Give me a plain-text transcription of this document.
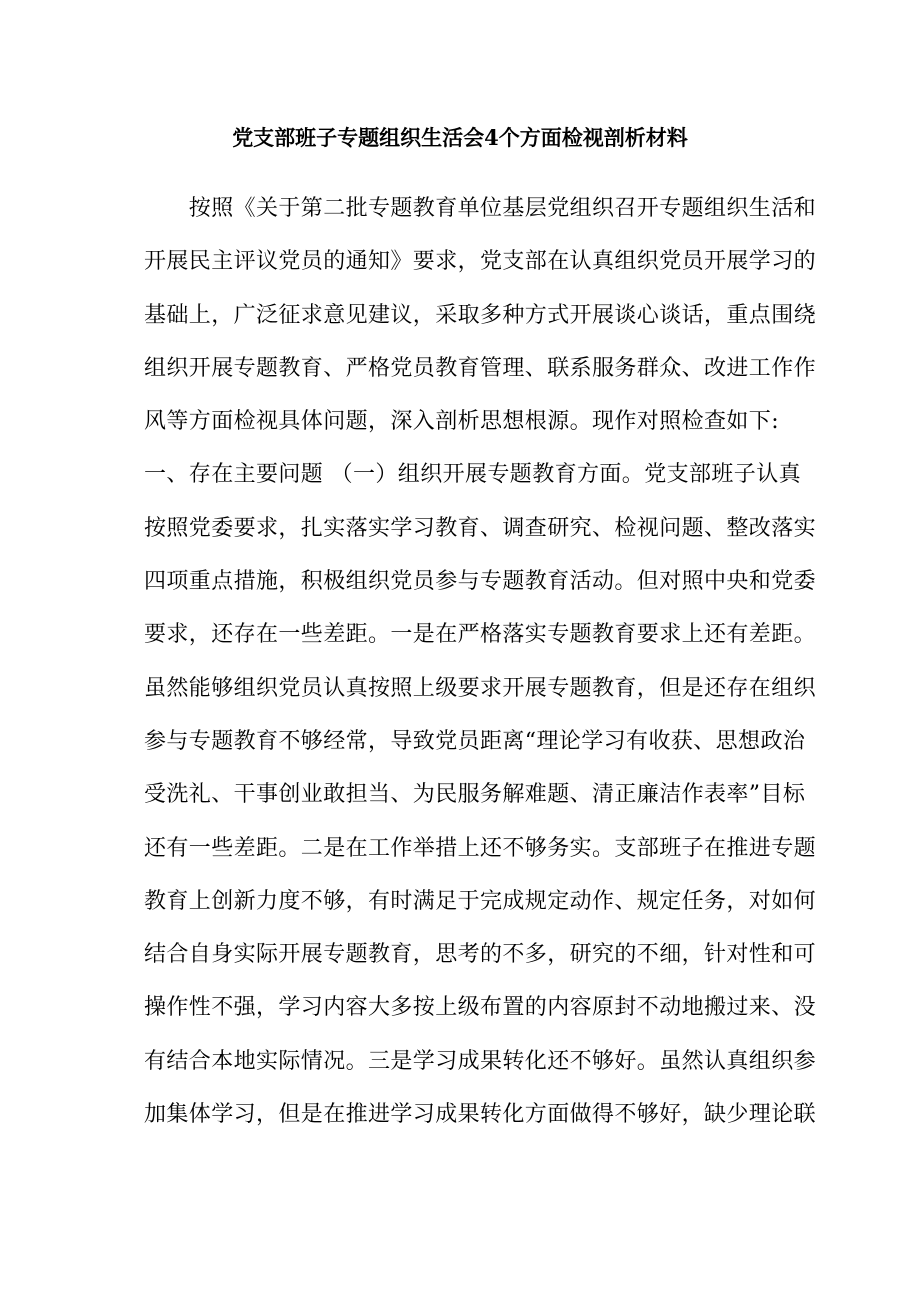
党支部班子专题组织生活会4个方面检视剖析材料
　　按照《关于第二批专题教育单位基层党组织召开专题组织生活和
开展民主评议党员的通知》要求，党支部在认真组织党员开展学习的
基础上，广泛征求意见建议，采取多种方式开展谈心谈话，重点围绕
组织开展专题教育、严格党员教育管理、联系服务群众、改进工作作
风等方面检视具体问题，深入剖析思想根源。现作对照检查如下:
一、存在主要问题 （一）组织开展专题教育方面。党支部班子认真
按照党委要求，扎实落实学习教育、调查研究、检视问题、整改落实
四项重点措施，积极组织党员参与专题教育活动。但对照中央和党委
要求，还存在一些差距。一是在严格落实专题教育要求上还有差距。
虽然能够组织党员认真按照上级要求开展专题教育，但是还存在组织
参与专题教育不够经常，导致党员距离“理论学习有收获、思想政治
受洗礼、干事创业敢担当、为民服务解难题、清正廉洁作表率”目标
还有一些差距。二是在工作举措上还不够务实。支部班子在推进专题
教育上创新力度不够，有时满足于完成规定动作、规定任务，对如何
结合自身实际开展专题教育，思考的不多，研究的不细，针对性和可
操作性不强，学习内容大多按上级布置的内容原封不动地搬过来、没
有结合本地实际情况。三是学习成果转化还不够好。虽然认真组织参
加集体学习，但是在推进学习成果转化方面做得不够好，缺少理论联
